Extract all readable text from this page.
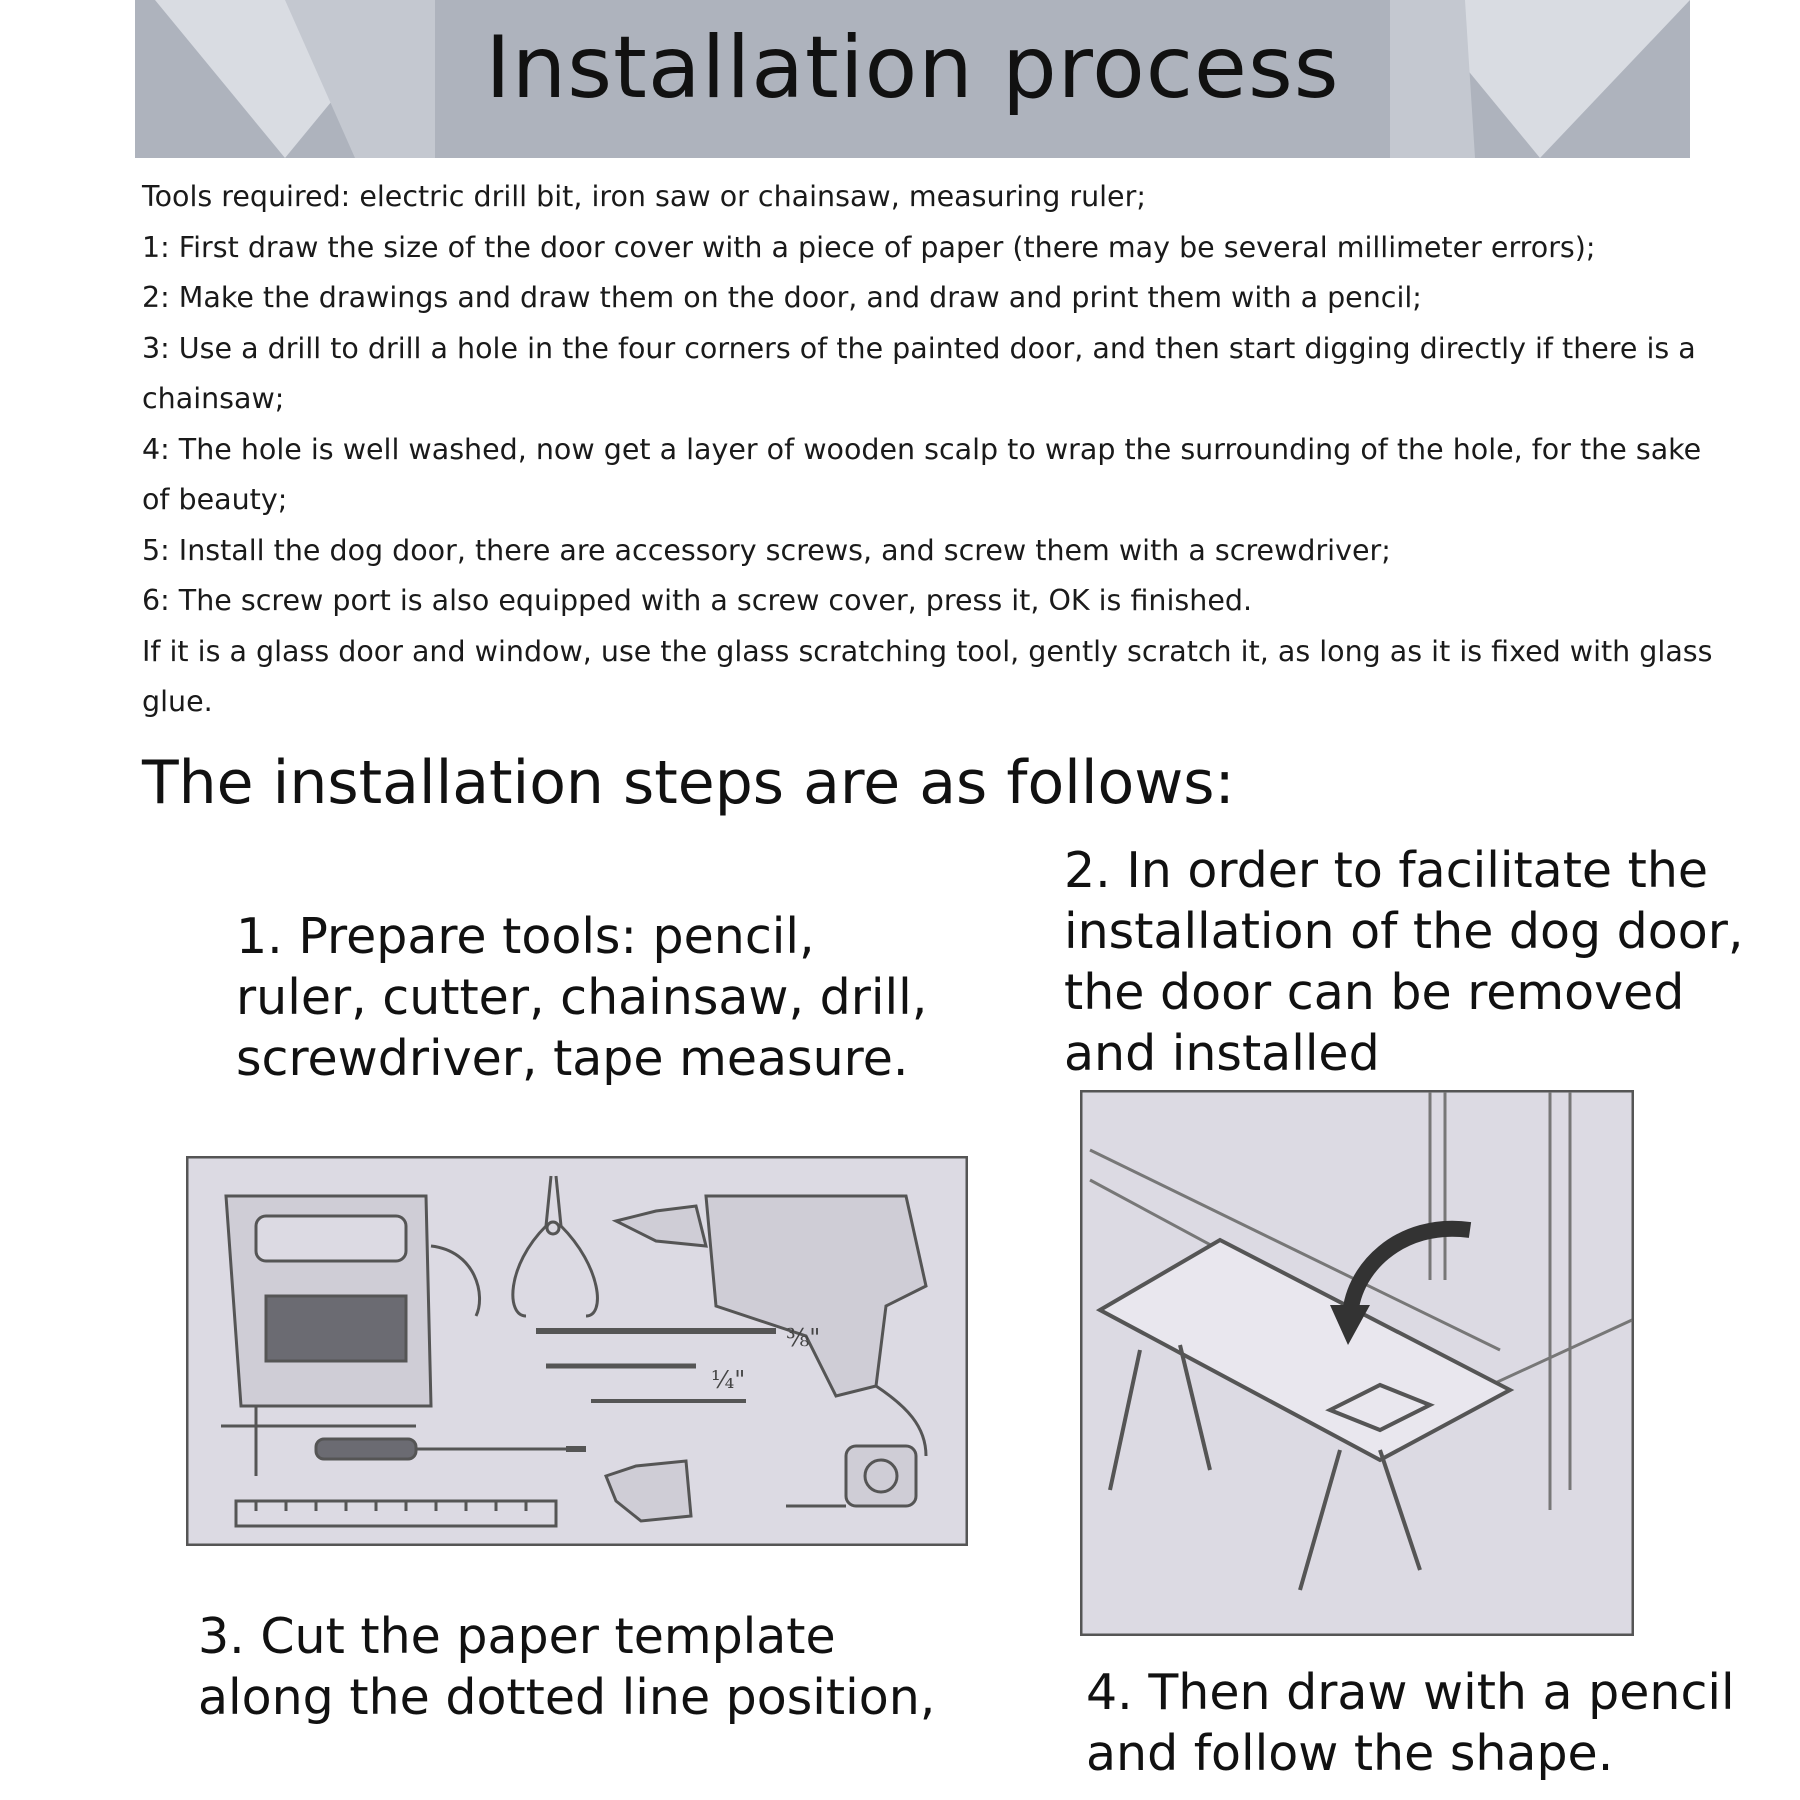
Installation process

Tools required: electric drill bit, iron saw or chainsaw, measuring ruler;

1: First draw the size of the door cover with a piece of paper (there may be several millimeter errors);

2: Make the drawings and draw them on the door, and draw and print them with a pencil;

3: Use a drill to drill a hole in the four corners of the painted door, and then start digging directly if there is a chainsaw;

4: The hole is well washed, now get a layer of wooden scalp to wrap the surrounding of the hole, for the sake of beauty;

5: Install the dog door, there are accessory screws, and screw them with a screwdriver;

6: The screw port is also equipped with a screw cover, press it, OK is finished.

If it is a glass door and window, use the glass scratching tool, gently scratch it, as long as it is fixed with glass glue.

The installation steps are as follows:
1. Prepare tools: pencil, ruler, cutter, chainsaw, drill, screwdriver, tape measure.
2. In order to facilitate the installation of the dog door, the door can be removed and installed
⅜"
¼"
3. Cut the paper template along the dotted line position,	4. Then draw with a pencil and follow the shape.
